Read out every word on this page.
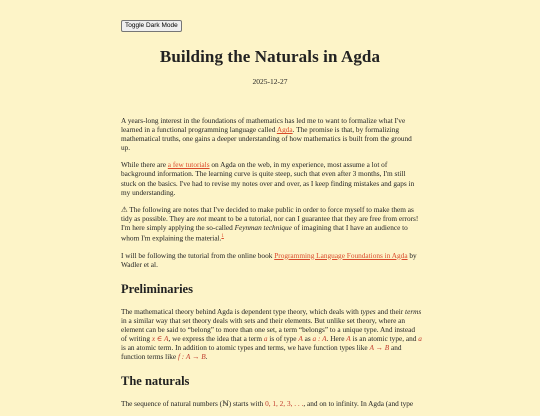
Toggle Dark Mode
Building the Naturals in Agda
2025-12-27

A years-long interest in the foundations of mathematics has led me to want to formalize what I've learned in a functional programming language called Agda. The promise is that, by formalizing mathematical truths, one gains a deeper understanding of how mathematics is built from the ground up.

While there are a few tutorials on Agda on the web, in my experience, most assume a lot of background information. The learning curve is quite steep, such that even after 3 months, I'm still stuck on the basics. I've had to revise my notes over and over, as I keep finding mistakes and gaps in my understanding.

⚠ The following are notes that I've decided to make public in order to force myself to make them as tidy as possible. They are not meant to be a tutorial, nor can I guarantee that they are free from errors! I'm here simply applying the so-called Feynman technique of imagining that I have an audience to whom I'm explaining the material.$^1$

I will be following the tutorial from the online book Programming Language Foundations in Agda by Wadler et al.

Preliminaries

The mathematical theory behind Agda is dependent type theory, which deals with types and their terms in a similar way that set theory deals with sets and their elements. But unlike set theory, where an element can be said to “belong” to more than one set, a term “belongs” to a unique type. And instead of writing x ∈ A, we express the idea that a term a is of type A as a : A. Here A is an atomic type, and a is an atomic term. In addition to atomic types and terms, we have function types like A → B and function terms like f : A → B.

The naturals

The sequence of natural numbers (ℕ) starts with 0, 1, 2, 3, . . ., and on to infinity. In Agda (and type
